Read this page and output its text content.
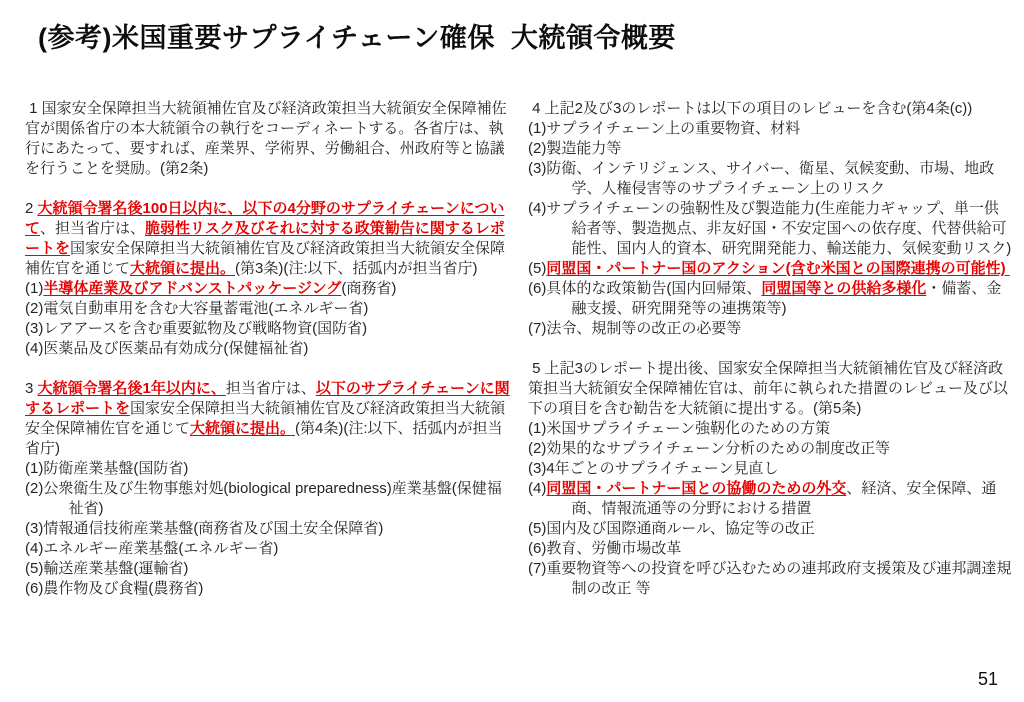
(参考)米国重要サプライチェーン確保  大統領令概要

1 国家安全保障担当大統領補佐官及び経済政策担当大統領安全保障補佐官が関係省庁の本大統領令の執行をコーディネートする。各省庁は、執行にあたって、要すれば、産業界、学術界、労働組合、州政府等と協議を行うことを奨励。(第2条)

2 大統領令署名後100日以内に、以下の4分野のサプライチェーンについて、担当省庁は、脆弱性リスク及びそれに対する政策勧告に関するレポートを国家安全保障担当大統領補佐官及び経済政策担当大統領安全保障補佐官を通じて大統領に提出。(第3条)(注:以下、括弧内が担当省庁)

(1)半導体産業及びアドバンストパッケージング(商務省)
(2)電気自動車用を含む大容量蓄電池(エネルギー省)
(3)レアアースを含む重要鉱物及び戦略物資(国防省)
(4)医薬品及び医薬品有効成分(保健福祉省)

3 大統領令署名後1年以内に、担当省庁は、以下のサプライチェーンに関するレポートを国家安全保障担当大統領補佐官及び経済政策担当大統領安全保障補佐官を通じて大統領に提出。(第4条)(注:以下、括弧内が担当省庁)

(1)防衛産業基盤(国防省)
(2)公衆衛生及び生物事態対処(biological preparedness)産業基盤(保健福祉省)
(3)情報通信技術産業基盤(商務省及び国土安全保障省)
(4)エネルギー産業基盤(エネルギー省)
(5)輸送産業基盤(運輸省)
(6)農作物及び食糧(農務省)

4 上記2及び3のレポートは以下の項目のレビューを含む(第4条(c))

(1)サプライチェーン上の重要物資、材料
(2)製造能力等
(3)防衛、インテリジェンス、サイバー、衛星、気候変動、市場、地政学、人権侵害等のサプライチェーン上のリスク
(4)サプライチェーンの強靭性及び製造能力(生産能力ギャップ、単一供給者等、製造拠点、非友好国・不安定国への依存度、代替供給可能性、国内人的資本、研究開発能力、輸送能力、気候変動リスク)
(5)同盟国・パートナー国のアクション(含む米国との国際連携の可能性)
(6)具体的な政策勧告(国内回帰策、同盟国等との供給多様化・備蓄、金融支援、研究開発等の連携策等)
(7)法令、規制等の改正の必要等

5 上記3のレポート提出後、国家安全保障担当大統領補佐官及び経済政策担当大統領安全保障補佐官は、前年に執られた措置のレビュー及び以下の項目を含む勧告を大統領に提出する。(第5条)

(1)米国サプライチェーン強靭化のための方策
(2)効果的なサプライチェーン分析のための制度改正等
(3)4年ごとのサプライチェーン見直し
(4)同盟国・パートナー国との協働のための外交、経済、安全保障、通商、情報流通等の分野における措置
(5)国内及び国際通商ルール、協定等の改正
(6)教育、労働市場改革
(7)重要物資等への投資を呼び込むための連邦政府支援策及び連邦調達規制の改正 等
51
